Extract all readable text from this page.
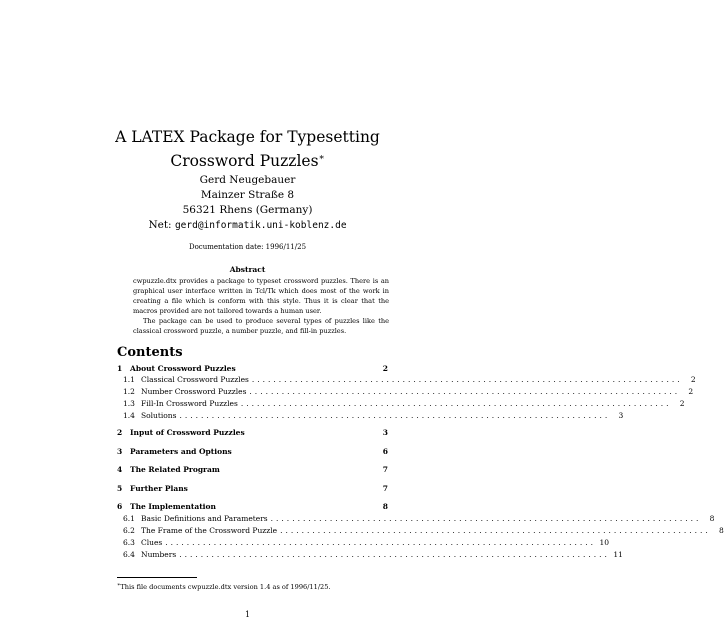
A LATEX Package for Typesetting
Crossword Puzzles∗
Gerd Neugebauer
Mainzer Straße 8
56321 Rhens (Germany)
Net: gerd@informatik.uni-koblenz.de
Documentation date: 1996/11/25
Abstract

cwpuzzle.dtx provides a package to typeset crossword puzzles. There is an graphical user interface written in Tcl/Tk which does most of the work in creating a file which is conform with this style. Thus it is clear that the macros provided are not tailored towards a human user.

The package can be used to produce several types of puzzles like the classical crossword puzzle, a number puzzle, and fill-in puzzles.

Contents
1	About Crossword Puzzles	2
1.1 Classical Crossword Puzzles ................................................................................	2
1.2 Number Crossword Puzzles ................................................................................	2
1.3 Fill-In Crossword Puzzles ................................................................................	2
1.4 Solutions ................................................................................	3
2	Input of Crossword Puzzles	3
3	Parameters and Options	6
4	The Related Program	7
5	Further Plans	7
6	The Implementation	8
6.1 Basic Definitions and Parameters ................................................................................	8
6.2 The Frame of the Crossword Puzzle ................................................................................	8
6.3 Clues ................................................................................ 10
6.4 Numbers ................................................................................ 11
∗This file documents cwpuzzle.dtx version 1.4 as of 1996/11/25.
1
